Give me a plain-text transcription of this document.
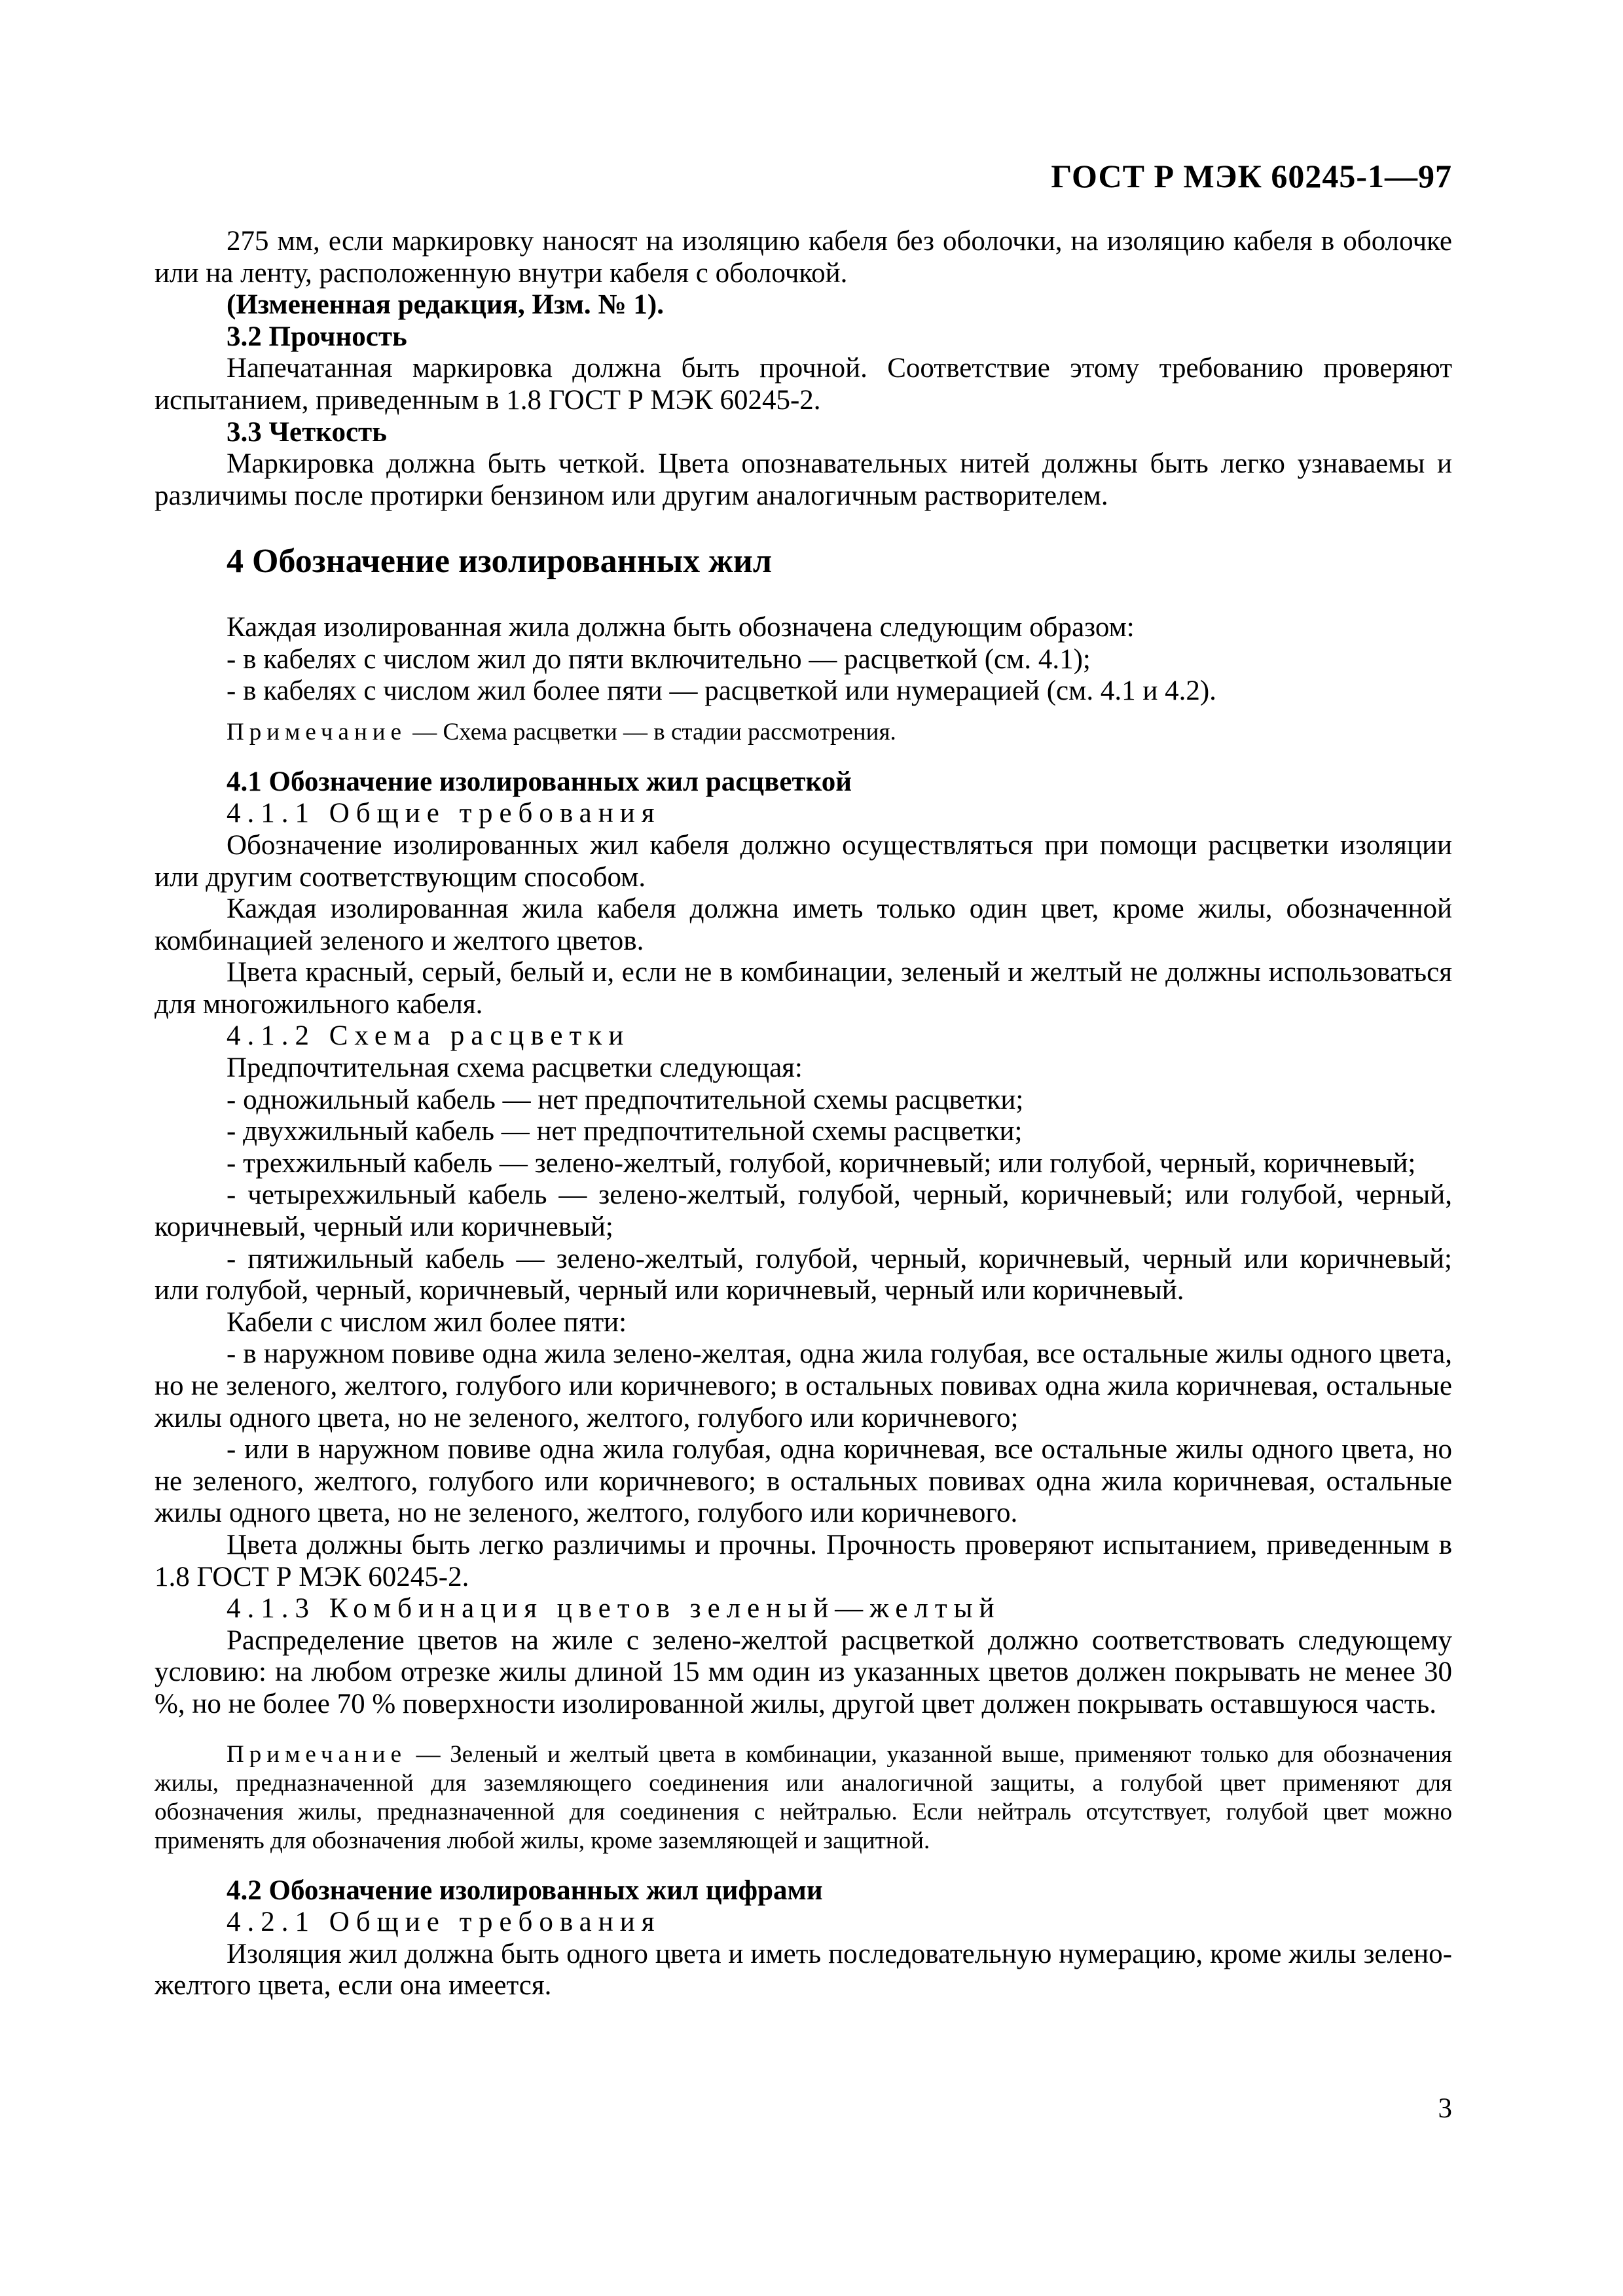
ГОСТ Р МЭК 60245-1—97

275 мм, если маркировку наносят на изоляцию кабеля без оболочки, на изоляцию кабеля в оболочке или на ленту, расположенную внутри кабеля с оболочкой.

(Измененная редакция, Изм. № 1).

3.2 Прочность

Напечатанная маркировка должна быть прочной. Соответствие этому требованию проверяют испытанием, приведенным в 1.8 ГОСТ Р МЭК 60245-2.

3.3 Четкость

Маркировка должна быть четкой. Цвета опознавательных нитей должны быть легко узнаваемы и различимы после протирки бензином или другим аналогичным растворителем.

4 Обозначение изолированных жил

Каждая изолированная жила должна быть обозначена следующим образом:

- в кабелях с числом жил до пяти включительно — расцветкой (см. 4.1);

- в кабелях с числом жил более пяти — расцветкой или нумерацией (см. 4.1 и 4.2).

Примечание — Схема расцветки — в стадии рассмотрения.

4.1 Обозначение изолированных жил расцветкой

4.1.1 Общие требования

Обозначение изолированных жил кабеля должно осуществляться при помощи расцветки изоляции или другим соответствующим способом.

Каждая изолированная жила кабеля должна иметь только один цвет, кроме жилы, обозначенной комбинацией зеленого и желтого цветов.

Цвета красный, серый, белый и, если не в комбинации, зеленый и желтый не должны использоваться для многожильного кабеля.

4.1.2 Схема расцветки

Предпочтительная схема расцветки следующая:

- одножильный кабель — нет предпочтительной схемы расцветки;

- двухжильный кабель — нет предпочтительной схемы расцветки;

- трехжильный кабель — зелено-желтый, голубой, коричневый; или голубой, черный, коричневый;

- четырехжильный кабель — зелено-желтый, голубой, черный, коричневый; или голубой, черный, коричневый, черный или коричневый;

- пятижильный кабель — зелено-желтый, голубой, черный, коричневый, черный или коричневый; или голубой, черный, коричневый, черный или коричневый, черный или коричневый.

Кабели с числом жил более пяти:

- в наружном повиве одна жила зелено-желтая, одна жила голубая, все остальные жилы одного цвета, но не зеленого, желтого, голубого или коричневого; в остальных повивах одна жила коричневая, остальные жилы одного цвета, но не зеленого, желтого, голубого или коричневого;

- или в наружном повиве одна жила голубая, одна коричневая, все остальные жилы одного цвета, но не зеленого, желтого, голубого или коричневого; в остальных повивах одна жила коричневая, остальные жилы одного цвета, но не зеленого, желтого, голубого или коричневого.

Цвета должны быть легко различимы и прочны. Прочность проверяют испытанием, приведенным в 1.8 ГОСТ Р МЭК 60245-2.

4.1.3 Комбинация цветов зеленый—желтый

Распределение цветов на жиле с зелено-желтой расцветкой должно соответствовать следующему условию: на любом отрезке жилы длиной 15 мм один из указанных цветов должен покрывать не менее 30 %, но не более 70 % поверхности изолированной жилы, другой цвет должен покрывать оставшуюся часть.

Примечание — Зеленый и желтый цвета в комбинации, указанной выше, применяют только для обозначения жилы, предназначенной для заземляющего соединения или аналогичной защиты, а голубой цвет применяют для обозначения жилы, предназначенной для соединения с нейтралью. Если нейтраль отсутствует, голубой цвет можно применять для обозначения любой жилы, кроме заземляющей и защитной.

4.2 Обозначение изолированных жил цифрами

4.2.1 Общие требования

Изоляция жил должна быть одного цвета и иметь последовательную нумерацию, кроме жилы зелено-желтого цвета, если она имеется.

3
